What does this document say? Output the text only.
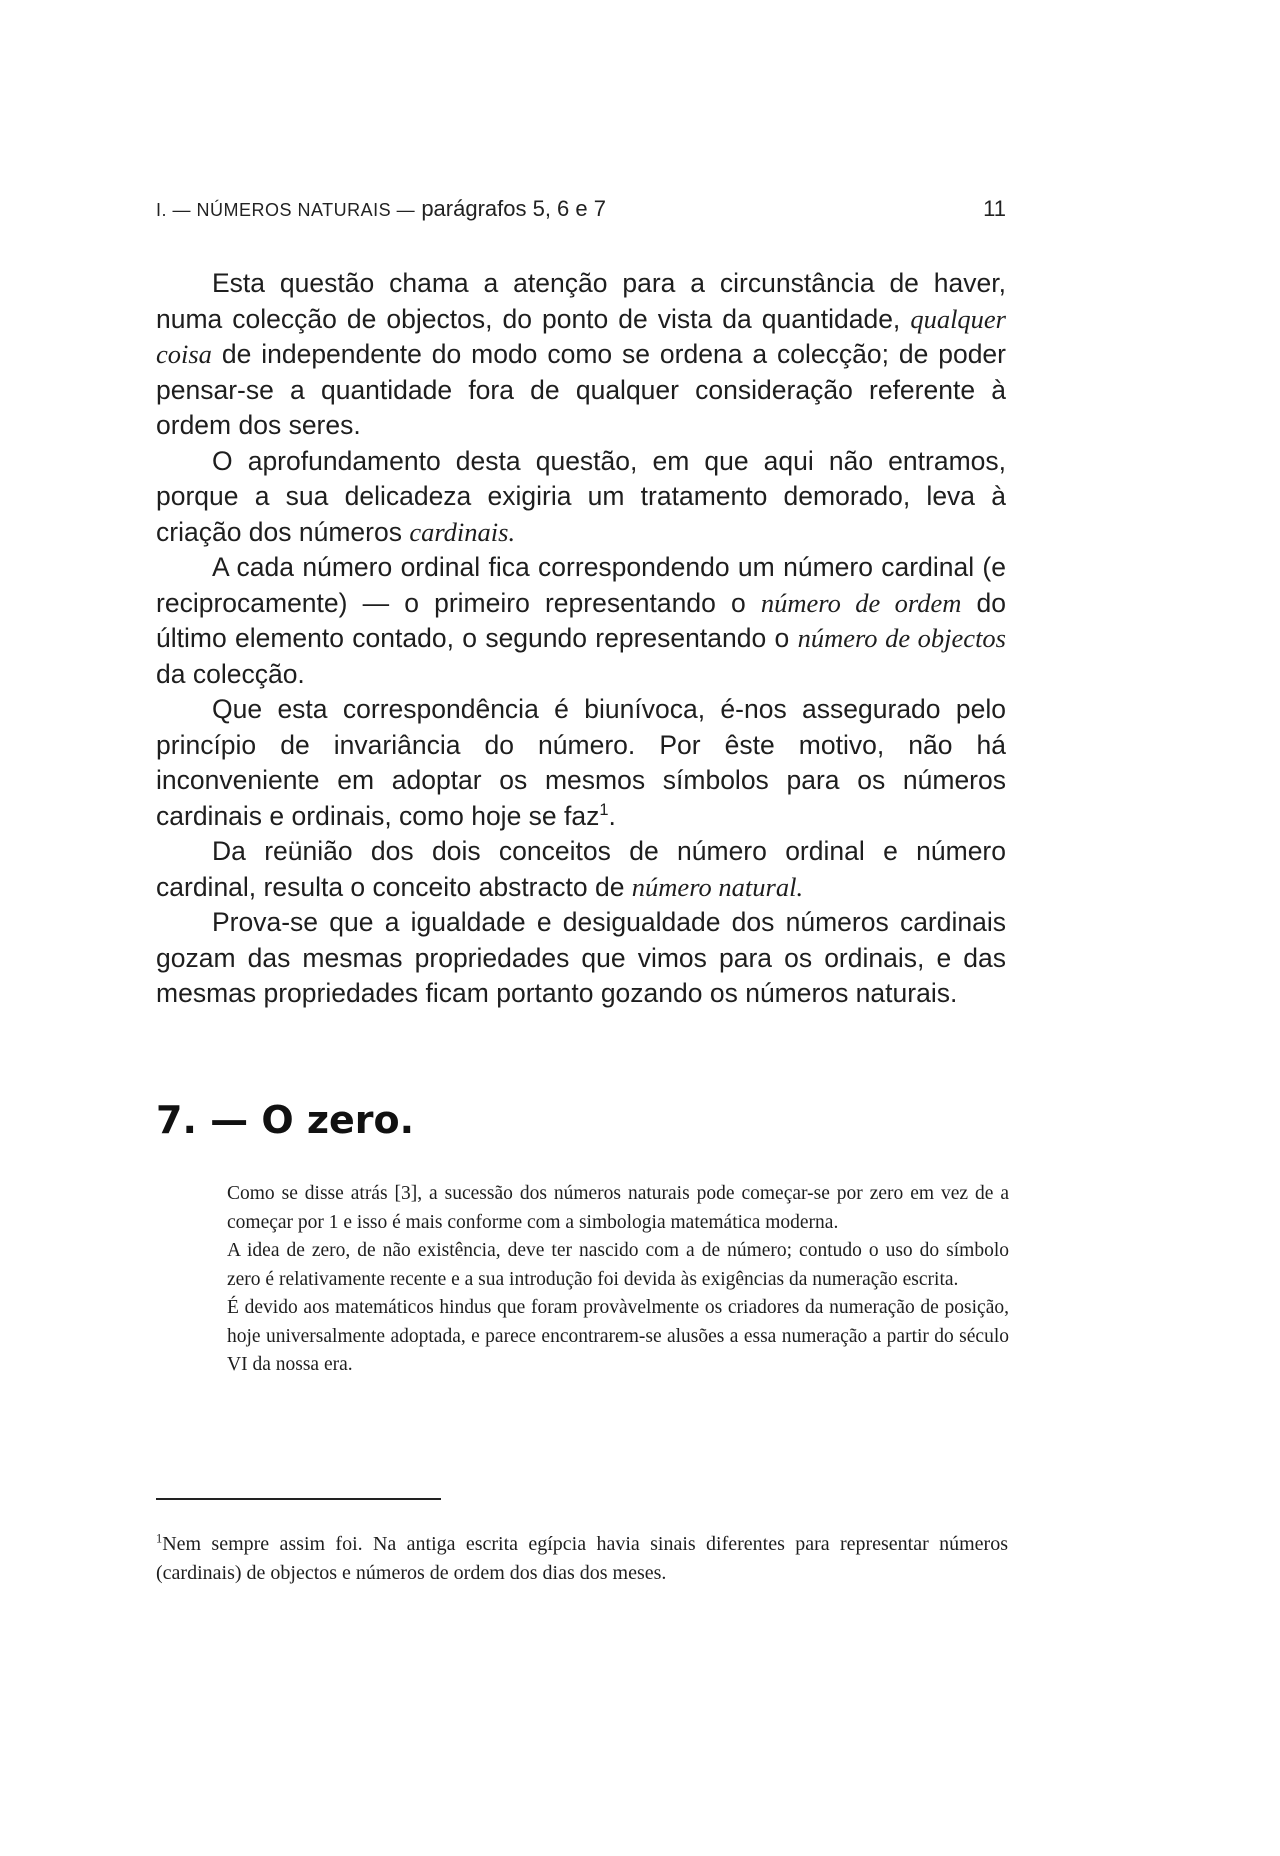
I. — NÚMEROS NATURAIS — parágrafos 5, 6 e 7	11

Esta questão chama a atenção para a circunstância de haver, numa colecção de objectos, do ponto de vista da quantidade, qualquer coisa de independente do modo como se ordena a colecção; de poder pensar-se a quantidade fora de qualquer consideração referente à ordem dos seres.

O aprofundamento desta questão, em que aqui não entramos, porque a sua delicadeza exigiria um tratamento demorado, leva à criação dos números cardinais.

A cada número ordinal fica correspondendo um número cardinal (e reciprocamente) — o primeiro representando o número de ordem do último elemento contado, o segundo representando o número de objectos da colecção.

Que esta correspondência é biunívoca, é-nos assegurado pelo princípio de invariância do número. Por êste motivo, não há inconveniente em adoptar os mesmos símbolos para os números cardinais e ordinais, como hoje se faz$^1$.

Da reünião dos dois conceitos de número ordinal e número cardinal, resulta o conceito abstracto de número natural.

Prova-se que a igualdade e desigualdade dos números cardinais gozam das mesmas propriedades que vimos para os ordinais, e das mesmas propriedades ficam portanto gozando os números naturais.

7. — O zero.

Como se disse atrás [3], a sucessão dos números naturais pode começar-se por zero em vez de a começar por 1 e isso é mais conforme com a simbologia matemática moderna.

A idea de zero, de não existência, deve ter nascido com a de número; contudo o uso do símbolo zero é relativamente recente e a sua introdução foi devida às exigências da numeração escrita.

É devido aos matemáticos hindus que foram provàvelmente os criadores da numeração de posição, hoje universalmente adoptada, e parece encontrarem-se alusões a essa numeração a partir do século VI da nossa era.

$^1$Nem sempre assim foi. Na antiga escrita egípcia havia sinais diferentes para representar números (cardinais) de objectos e números de ordem dos dias dos meses.
